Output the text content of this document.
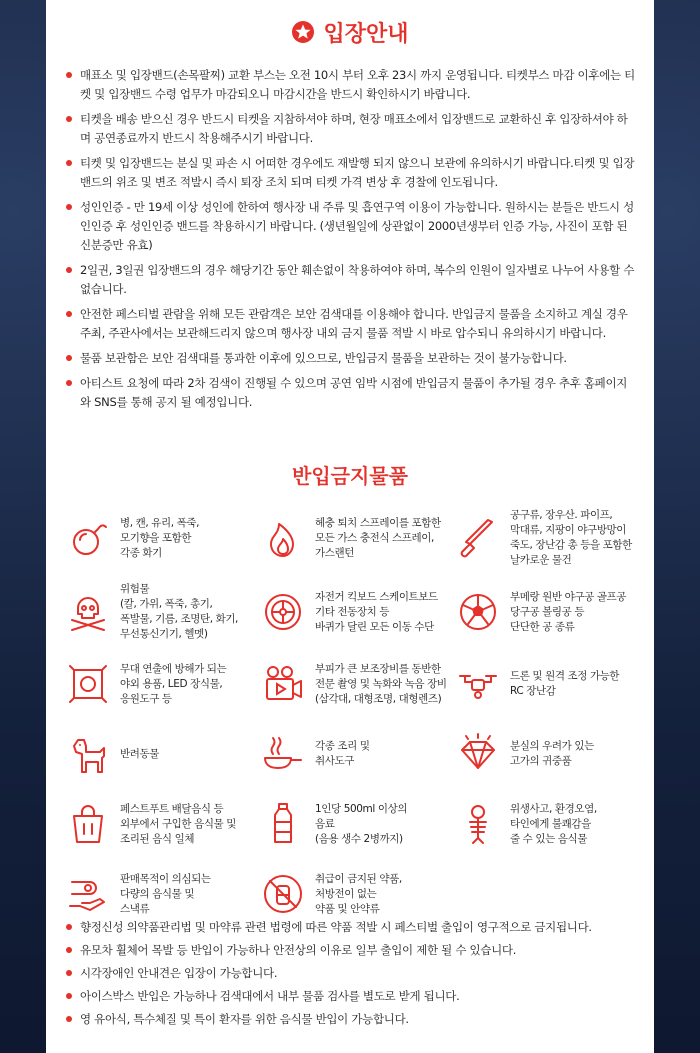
입장안내
매표소 및 입장밴드(손목팔찌) 교환 부스는 오전 10시 부터 오후 23시 까지 운영됩니다. 티켓부스 마감 이후에는 티켓 및 입장밴드 수령 업무가 마감되오니 마감시간을 반드시 확인하시기 바랍니다.
티켓을 배송 받으신 경우 반드시 티켓을 지참하셔야 하며, 현장 매표소에서 입장밴드로 교환하신 후 입장하셔야 하며 공연종료까지 반드시 착용해주시기 바랍니다.
티켓 및 입장밴드는 분실 및 파손 시 어떠한 경우에도 재발행 되지 않으니 보관에 유의하시기 바랍니다.티켓 및 입장밴드의 위조 및 변조 적발시 즉시 퇴장 조치 되며 티켓 가격 변상 후 경찰에 인도됩니다.
성인인증 - 만 19세 이상 성인에 한하여 행사장 내 주류 및 흡연구역 이용이 가능합니다. 원하시는 분들은 반드시 성인인증 후 성인인증 밴드를 착용하시기 바랍니다. (생년월일에 상관없이 2000년생부터 인증 가능, 사진이 포함 된 신분증만 유효)
2일권, 3일권 입장밴드의 경우 해당기간 동안 훼손없이 착용하여야 하며, 복수의 인원이 일자별로 나누어 사용할 수 없습니다.
안전한 페스티벌 관람을 위해 모든 관람객은 보안 검색대를 이용해야 합니다. 반입금지 물품을 소지하고 계실 경우 주최, 주관사에서는 보관해드리지 않으며 행사장 내외 금지 물품 적발 시 바로 압수되니 유의하시기 바랍니다.
물품 보관함은 보안 검색대를 통과한 이후에 있으므로, 반입금지 물품을 보관하는 것이 불가능합니다.
아티스트 요청에 따라 2차 검색이 진행될 수 있으며 공연 임박 시점에 반입금지 물품이 추가될 경우 추후 홈페이지와 SNS를 통해 공지 될 예정입니다.
반입금지물품
병, 캔, 유리, 폭죽,
모기향을 포함한
각종 화기
헤충 퇴치 스프레이를 포함한
모든 가스 충전식 스프레이,
가스랜턴
공구류, 장우산. 파이프,
막대류, 지팡이 야구방망이
죽도, 장난감 총 등을 포함한
날카로운 물건
위험물
(칼, 가위, 폭죽, 총기,
폭발물, 기름, 조명탄, 화기,
무선통신기기, 헬멧)
자전거 킥보드 스케이트보드
기타 전동장치 등
바퀴가 달린 모든 이동 수단
부메랑 원반 야구공 골프공
당구공 볼링공 등
단단한 공 종류
무대 연출에 방해가 되는
야외 용품, LED 장식물,
응원도구 등
부피가 큰 보조장비를 동반한
전문 촬영 및 녹화와 녹음 장비
(삼각대, 대형조명, 대형렌즈)
드론 및 원격 조정 가능한
RC 장난감
반려동물
각종 조리 및
취사도구
분실의 우려가 있는
고가의 귀중품
페스트푸트 배달음식 등
외부에서 구입한 음식물 및
조리된 음식 일체
1인당 500ml 이상의
음료
(음용 생수 2병까지)
위생사고, 환경오염,
타인에게 불쾌감을
줄 수 있는 음식물
판매목적이 의심되는
다량의 음식물 및
스낵류
취급이 금지된 약품,
처방전이 없는
약품 및 안약류
향정신성 의약품관리법 및 마약류 관련 법령에 따른 약품 적발 시 페스티벌 출입이 영구적으로 금지됩니다.
유모차 휠체어 목발 등 반입이 가능하나 안전상의 이유로 일부 출입이 제한 될 수 있습니다.
시각장애인 안내견은 입장이 가능합니다.
아이스박스 반입은 가능하나 검색대에서 내부 물품 검사를 별도로 받게 됩니다.
영 유아식, 특수체질 및 특이 환자를 위한 음식물 반입이 가능합니다.
